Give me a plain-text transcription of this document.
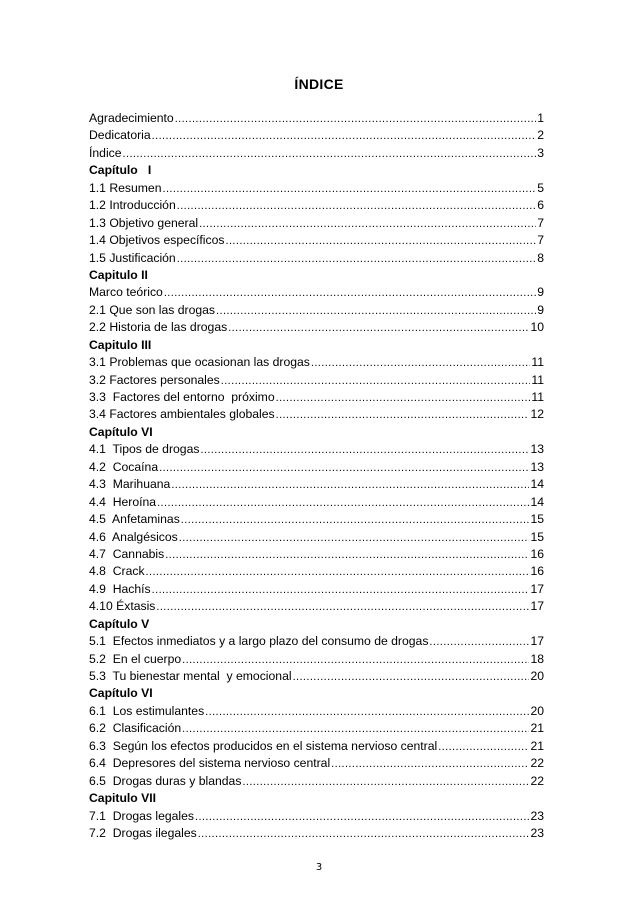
ÍNDICE
Agradecimiento .....	1
Dedicatoria .....	2
Índice .....	3
Capítulo   I
1.1 Resumen .....	5
1.2 Introducción .....	6
1.3 Objetivo general .....	7
1.4 Objetivos específicos .....	7
1.5 Justificación .....	8
Capitulo II
Marco teórico .....	9
2.1 Que son las drogas .....	9
2.2 Historia de las drogas .....	10
Capitulo III
3.1 Problemas que ocasionan las drogas .....	11
3.2 Factores personales .....	11
3.3  Factores del entorno  próximo .....	11
3.4 Factores ambientales globales .....	12
Capítulo VI
4.1  Tipos de drogas .....	13
4.2  Cocaína .....	13
4.3  Marihuana .....	14
4.4  Heroína .....	14
4.5  Anfetaminas .....	15
4.6  Analgésicos .....	15
4.7  Cannabis .....	16
4.8  Crack .....	16
4.9  Hachís .....	17
4.10 Éxtasis .....	17
Capítulo V
5.1  Efectos inmediatos y a largo plazo del consumo de drogas .....	17
5.2  En el cuerpo .....	18
5.3  Tu bienestar mental  y emocional .....	20
Capítulo VI
6.1  Los estimulantes .....	20
6.2  Clasificación .....	21
6.3  Según los efectos producidos en el sistema nervioso central .....	21
6.4  Depresores del sistema nervioso central .....	22
6.5  Drogas duras y blandas .....	22
Capitulo VII
7.1  Drogas legales .....	23
7.2  Drogas ilegales .....	23
3
